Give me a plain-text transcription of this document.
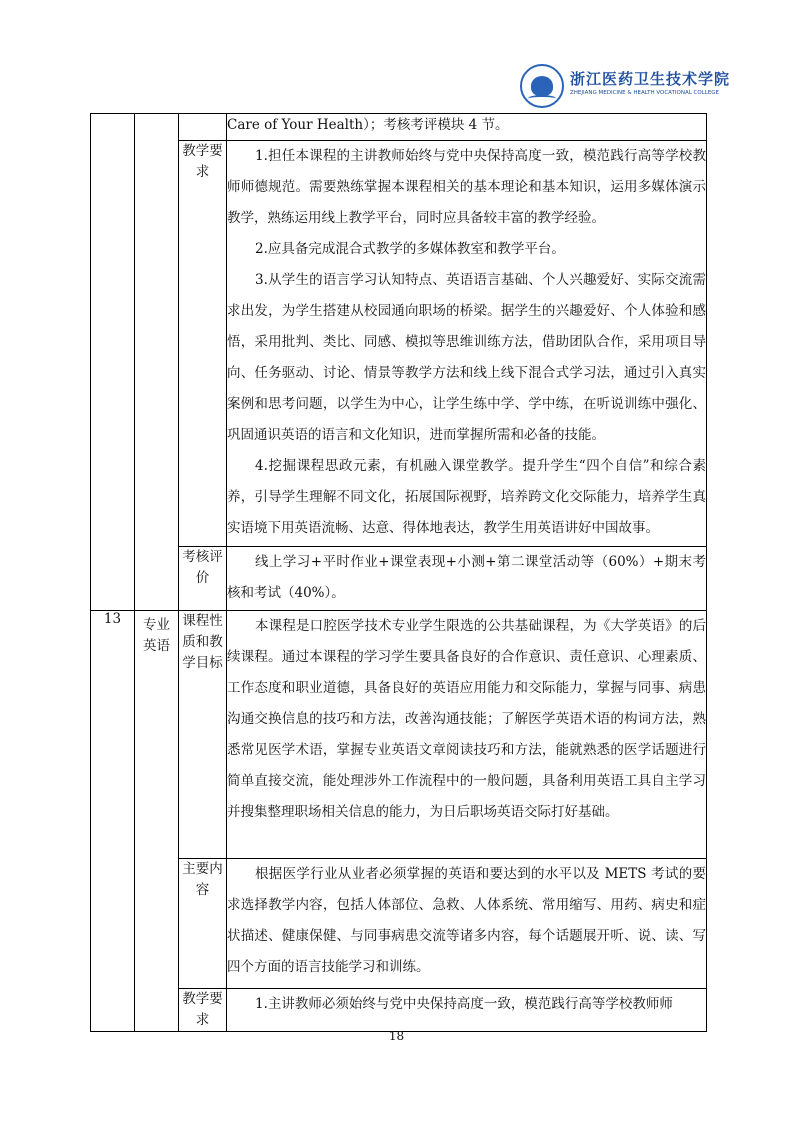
浙江医药卫生技术学院
ZHEJIANG MEDICINE & HEALTH VOCATIONAL COLLEGE

			Care of Your Health）；考核考评模块 4 节。

		教学要求	1.担任本课程的主讲教师始终与党中央保持高度一致，模范践行高等学校教师师德规范。需要熟练掌握本课程相关的基本理论和基本知识，运用多媒体演示教学，熟练运用线上教学平台，同时应具备较丰富的教学经验。

2.应具备完成混合式教学的多媒体教室和教学平台。

3.从学生的语言学习认知特点、英语语言基础、个人兴趣爱好、实际交流需求出发，为学生搭建从校园通向职场的桥梁。据学生的兴趣爱好、个人体验和感悟，采用批判、类比、同感、模拟等思维训练方法，借助团队合作，采用项目导向、任务驱动、讨论、情景等教学方法和线上线下混合式学习法，通过引入真实案例和思考问题，以学生为中心，让学生练中学、学中练，在听说训练中强化、巩固通识英语的语言和文化知识，进而掌握所需和必备的技能。

4.挖掘课程思政元素，有机融入课堂教学。提升学生“四个自信”和综合素养，引导学生理解不同文化，拓展国际视野，培养跨文化交际能力，培养学生真实语境下用英语流畅、达意、得体地表达，教学生用英语讲好中国故事。

		考核评价	线上学习+平时作业+课堂表现+小测+第二课堂活动等（60%）+期末考核和考试（40%）。

13	专业英语	课程性质和教学目标	本课程是口腔医学技术专业学生限选的公共基础课程，为《大学英语》的后续课程。通过本课程的学习学生要具备良好的合作意识、责任意识、心理素质、工作态度和职业道德，具备良好的英语应用能力和交际能力，掌握与同事、病患沟通交换信息的技巧和方法，改善沟通技能；了解医学英语术语的构词方法，熟悉常见医学术语，掌握专业英语文章阅读技巧和方法，能就熟悉的医学话题进行简单直接交流，能处理涉外工作流程中的一般问题，具备利用英语工具自主学习并搜集整理职场相关信息的能力，为日后职场英语交际打好基础。

		主要内容	根据医学行业从业者必须掌握的英语和要达到的水平以及 METS 考试的要求选择教学内容，包括人体部位、急救、人体系统、常用缩写、用药、病史和症状描述、健康保健、与同事病患交流等诸多内容，每个话题展开听、说、读、写四个方面的语言技能学习和训练。

		教学要求	1.主讲教师必须始终与党中央保持高度一致，模范践行高等学校教师师

18
